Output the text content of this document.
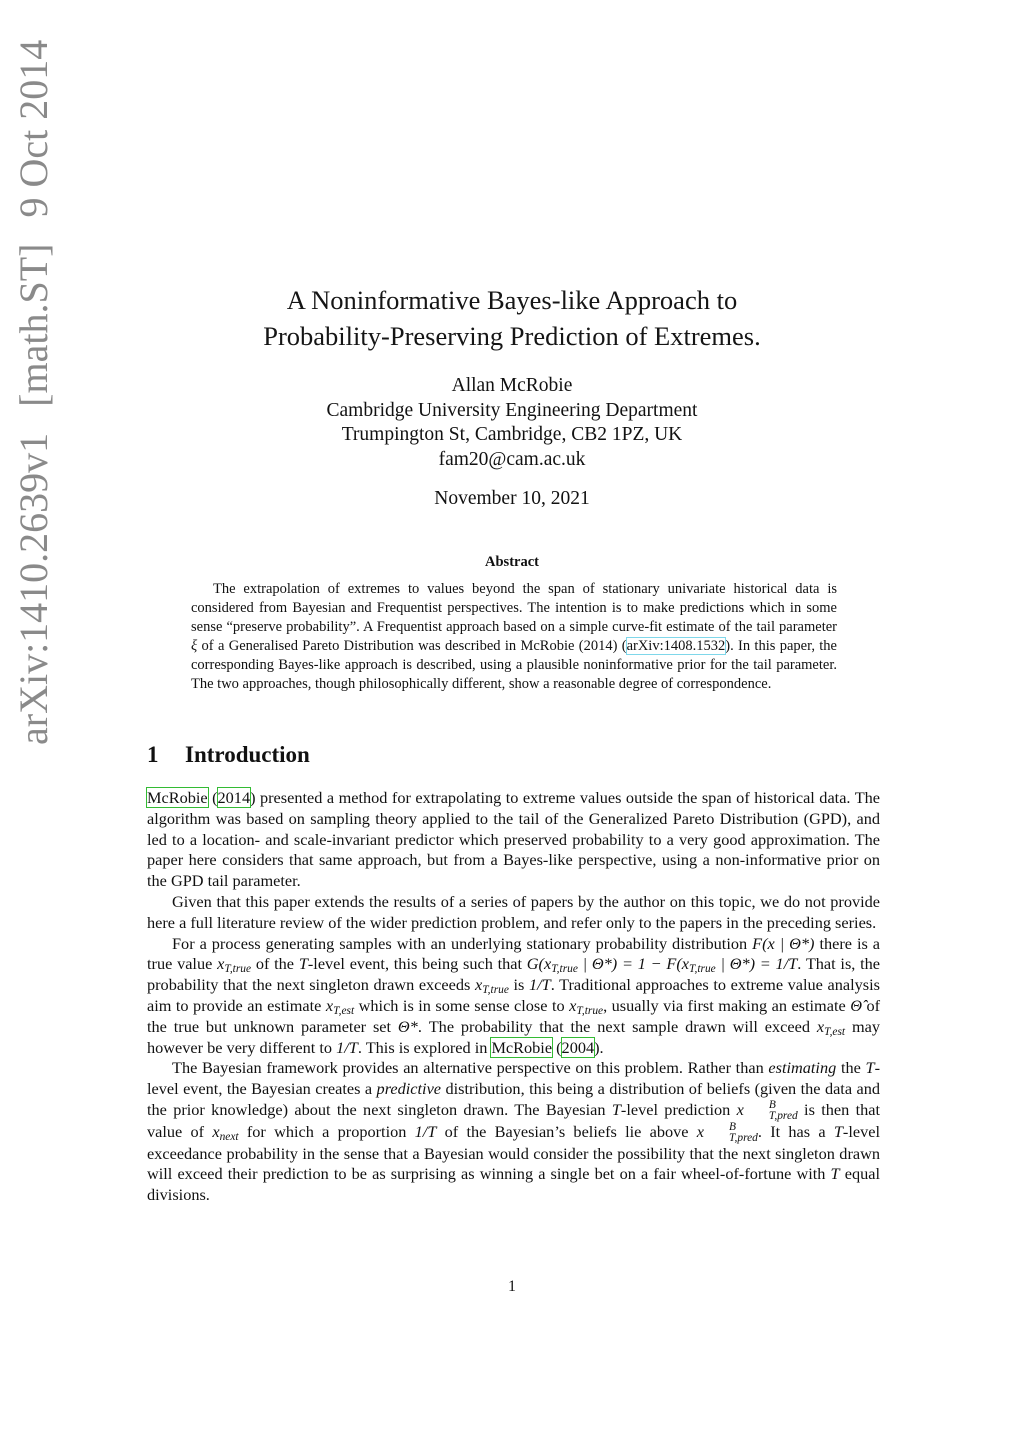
arXiv:1410.2639v1 [math.ST] 9 Oct 2014
A Noninformative Bayes-like Approach to
Probability-Preserving Prediction of Extremes.
Allan McRobie
Cambridge University Engineering Department
Trumpington St, Cambridge, CB2 1PZ, UK
fam20@cam.ac.uk
November 10, 2021
Abstract
The extrapolation of extremes to values beyond the span of stationary univariate historical data is considered from Bayesian and Frequentist perspectives. The intention is to make predictions which in some sense “preserve probability”. A Frequentist approach based on a simple curve-fit estimate of the tail parameter ξ of a Generalised Pareto Distribution was described in McRobie (2014) (arXiv:1408.1532). In this paper, the corresponding Bayes-like approach is described, using a plausible noninformative prior for the tail parameter. The two approaches, though philosophically different, show a reasonable degree of correspondence.
1 Introduction

McRobie (2014) presented a method for extrapolating to extreme values outside the span of historical data. The algorithm was based on sampling theory applied to the tail of the Generalized Pareto Distribution (GPD), and led to a location- and scale-invariant predictor which preserved probability to a very good approximation. The paper here considers that same approach, but from a Bayes-like perspective, using a non-informative prior on the GPD tail parameter.

Given that this paper extends the results of a series of papers by the author on this topic, we do not provide here a full literature review of the wider prediction problem, and refer only to the papers in the preceding series.

For a process generating samples with an underlying stationary probability distribution F(x | Θ*) there is a true value $x_{T,true}$ of the T-level event, this being such that $G(x_{T,true}$ | $\Theta*) = 1 - F(x_{T,true}$ | Θ*) = 1/T. That is, the probability that the next singleton drawn exceeds $x_{T,true}$ is 1/T. Traditional approaches to extreme value analysis aim to provide an estimate $x_{T,est}$ which is in some sense close to $x_{T,true}$, usually via first making an estimate Θ̂ of the true but unknown parameter set Θ*. The probability that the next sample drawn will exceed $x_{T,est}$ may however be very different to 1/T. This is explored in McRobie (2004).

The Bayesian framework provides an alternative perspective on this problem. Rather than estimating the T-level event, the Bayesian creates a predictive distribution, this being a distribution of beliefs (given the data and the prior knowledge) about the next singleton drawn. The Bayesian T-level prediction x	B
T,pred is then that value of $x_{next}$ for which a proportion 1/T of the Bayesian’s beliefs lie above x	B
T,pred . It has a T-level exceedance probability in the sense that a Bayesian would consider the possibility that the next singleton drawn will exceed their prediction to be as surprising as winning a single bet on a fair wheel-of-fortune with T equal divisions.

1
